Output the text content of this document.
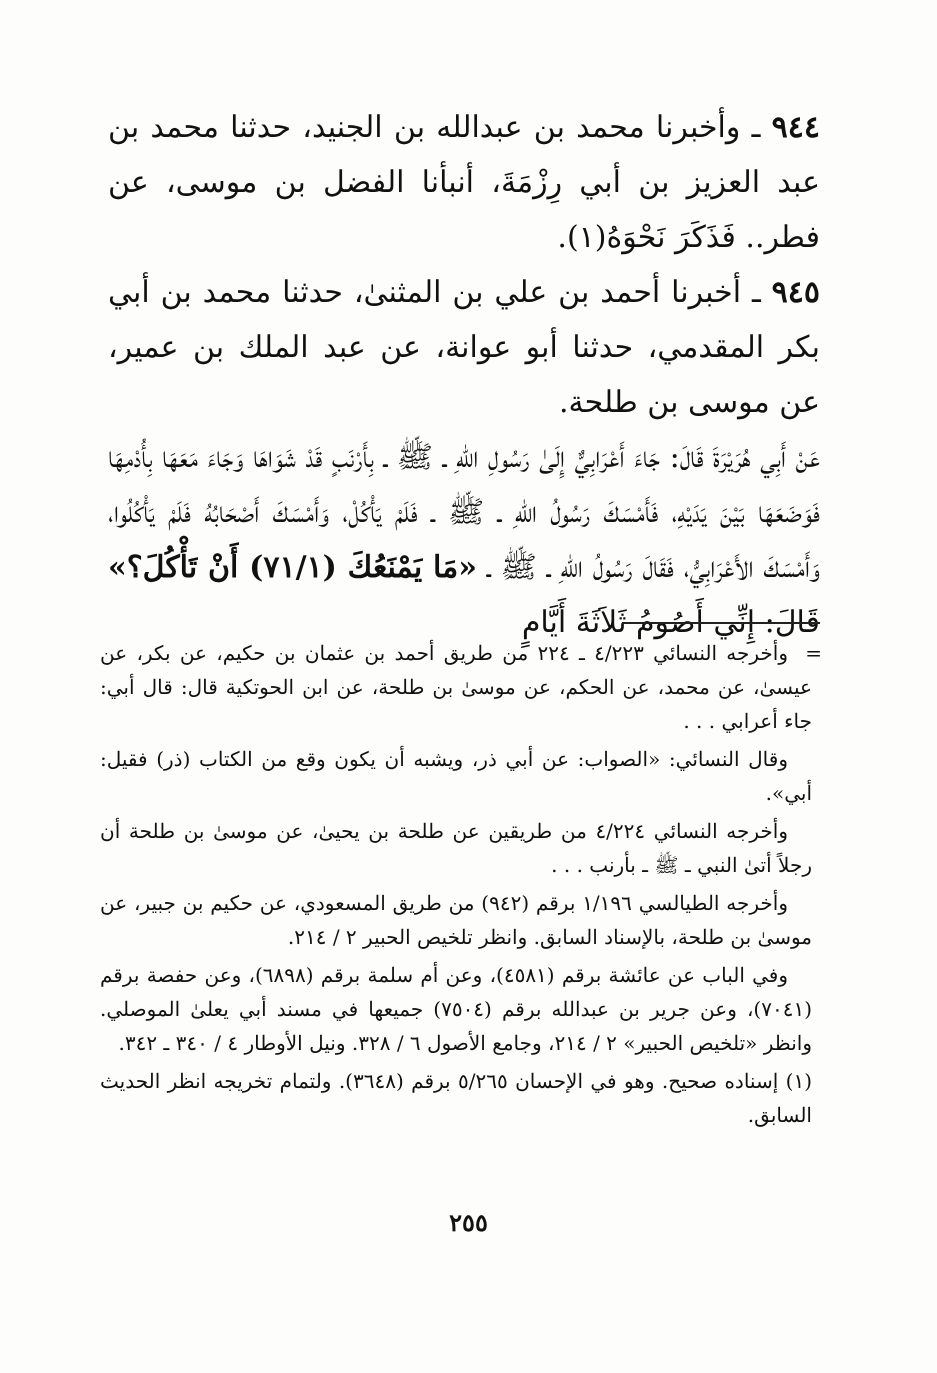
٩٤٤ ـ وأخبرنا محمد بن عبدالله بن الجنيد، حدثنا محمد بن عبد العزيز بن أبي رِزْمَةَ، أنبأنا الفضل بن موسى، عن فطر.. فَذَكَرَ نَحْوَهُ(١).

٩٤٥ ـ أخبرنا أحمد بن علي بن المثنىٰ، حدثنا محمد بن أبي بكر المقدمي، حدثنا أبو عوانة، عن عبد الملك بن عمير، عن موسى بن طلحة.

عَنْ أَبِي هُرَيْرَةَ قَالَ: جَاءَ أَعْرَابِيٌّ إِلَىٰ رَسُولِ اللهِ ـ ﷺ ـ بِأَرْنَبٍ قَدْ شَوَاهَا وَجَاءَ مَعَهَا بِأُدْمِهَا فَوَضَعَهَا بَيْنَ يَدَيْهِ، فَأَمْسَكَ رَسُولُ اللهِ ـ ﷺ ـ فَلَمْ يَأْكُلْ، وَأَمْسَكَ أَصْحَابُهُ فَلَمْ يَأْكُلُوا، وَأَمْسَكَ الأَعْرَابِيُّ، فَقَالَ رَسُولُ اللهِ ـ ﷺ ـ «مَا يَمْنَعُكَ (٧١/١) أَنْ تَأْكُلَ؟» قَالَ: إِنِّي أَصُومُ ثَلاَثَةَ أَيَّامٍ

=

وأخرجه النسائي ٤/٢٢٣ ـ ٢٢٤ من طريق أحمد بن عثمان بن حكيم، عن بكر، عن عيسىٰ، عن محمد، عن الحكم، عن موسىٰ بن طلحة، عن ابن الحوتكية قال: قال أبي: جاء أعرابي . . .

وقال النسائي: «الصواب: عن أبي ذر، ويشبه أن يكون وقع من الكتاب (ذر) فقيل: أبي».

وأخرجه النسائي ٤/٢٢٤ من طريقين عن طلحة بن يحيىٰ، عن موسىٰ بن طلحة أن رجلاً أتىٰ النبي ـ ﷺ ـ بأرنب . . .

وأخرجه الطيالسي ١/١٩٦ برقم (٩٤٢) من طريق المسعودي، عن حكيم بن جبير، عن موسىٰ بن طلحة، بالإسناد السابق. وانظر تلخيص الحبير ٢ / ٢١٤.

وفي الباب عن عائشة برقم (٤٥٨١)، وعن أم سلمة برقم (٦٨٩٨)، وعن حفصة برقم (٧٠٤١)، وعن جرير بن عبدالله برقم (٧٥٠٤) جميعها في مسند أبي يعلىٰ الموصلي. وانظر «تلخيص الحبير» ٢ / ٢١٤، وجامع الأصول ٦ / ٣٢٨. ونيل الأوطار ٤ / ٣٤٠ ـ ٣٤٢.

(١) إسناده صحيح. وهو في الإحسان ٥/٢٦٥ برقم (٣٦٤٨). ولتمام تخريجه انظر الحديث السابق.

٢٥٥
